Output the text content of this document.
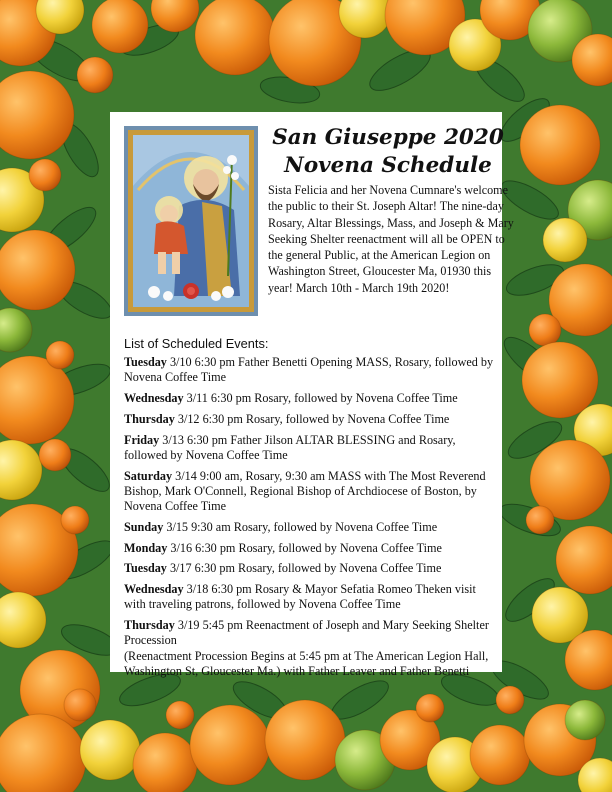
San Giuseppe 2020
Novena Schedule

Sista Felicia and her Novena Cumnare's welcome the public to their St. Joseph Altar! The nine-day Rosary, Altar Blessings, Mass, and Joseph & Mary Seeking Shelter reenactment will all be OPEN to the general Public, at the American Legion on Washington Street, Gloucester Ma, 01930 this year! March 10th - March 19th 2020!

List of Scheduled Events:
Tuesday 3/10 6:30 pm Father Benetti Opening MASS, Rosary, followed by Novena Coffee Time
Wednesday 3/11 6:30 pm Rosary, followed by Novena Coffee Time
Thursday 3/12 6:30 pm Rosary, followed by Novena Coffee Time
Friday 3/13 6:30 pm Father Jilson ALTAR BLESSING and Rosary, followed by Novena Coffee Time
Saturday 3/14 9:00 am, Rosary, 9:30 am MASS with The Most Reverend Bishop, Mark O'Connell, Regional Bishop of Archdiocese of Boston, by Novena Coffee Time
Sunday 3/15 9:30 am Rosary, followed by Novena Coffee Time
Monday 3/16 6:30 pm Rosary, followed by Novena Coffee Time
Tuesday 3/17 6:30 pm Rosary, followed by Novena Coffee Time
Wednesday 3/18 6:30 pm Rosary & Mayor Sefatia Romeo Theken visit with traveling patrons, followed by Novena Coffee Time
Thursday 3/19 5:45 pm Reenactment of Joseph and Mary Seeking Shelter Procession
(Reenactment Procession Begins at 5:45 pm at The American Legion Hall, Washington St, Gloucester Ma.) with Father Leaver and Father Benetti
